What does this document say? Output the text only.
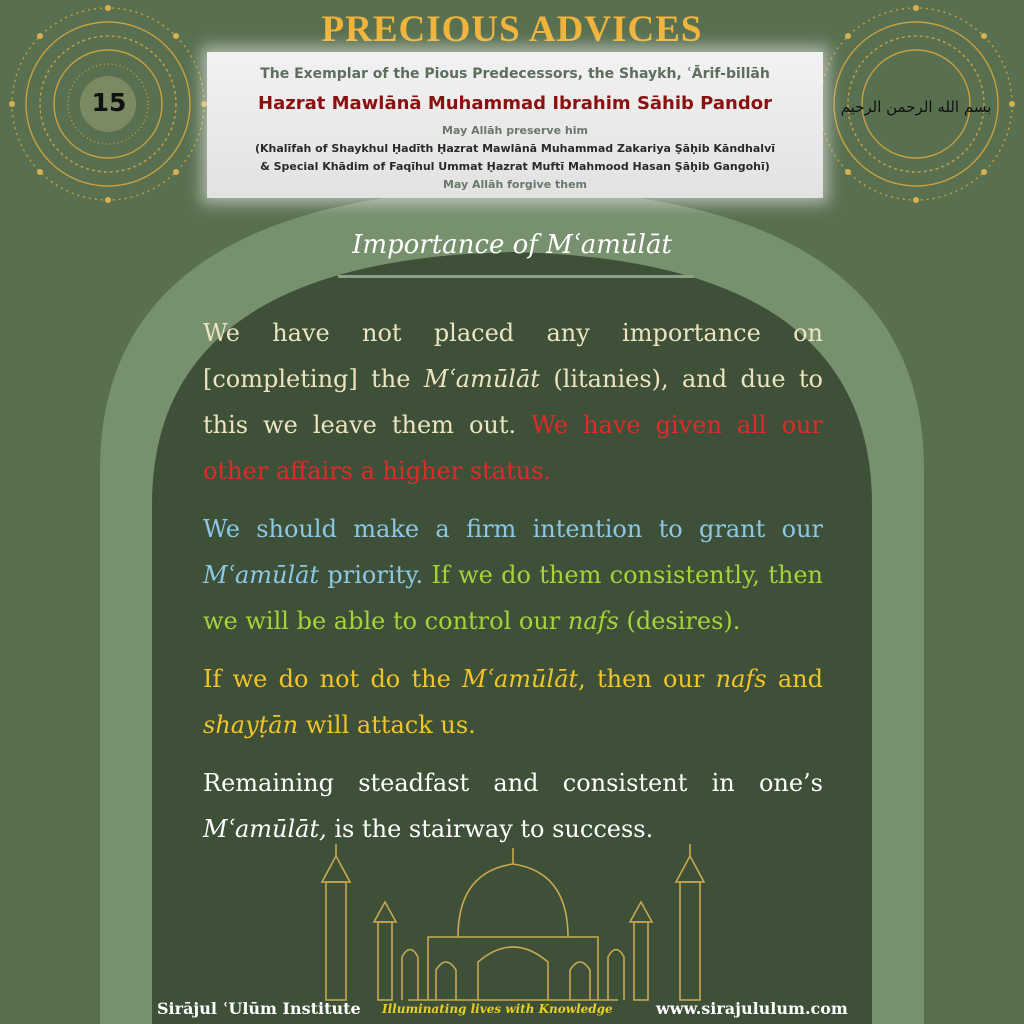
15	بسم الله الرحمن الرحيم
PRECIOUS ADVICES
The Exemplar of the Pious Predecessors, the Shaykh, ʿĀrif-billāh
Hazrat Mawlānā Muhammad Ibrahim Sāhib Pandor
May Allāh preserve him
(Khalīfah of Shaykhul Ḥadīth Ḥazrat Mawlānā Muhammad Zakariya Ṣāḥib Kāndhalvī
& Special Khādim of Faqīhul Ummat Ḥazrat Muftī Mahmood Hasan Ṣāḥib Gangohī)
May Allāh forgive them
Importance of Mʿamūlāt
We have not placed any importance on [completing] the Mʿamūlāt (litanies), and due to this we leave them out. We have given all our other affairs a higher status.
We should make a firm intention to grant our Mʿamūlāt priority. If we do them consistently, then we will be able to control our nafs (desires).
If we do not do the Mʿamūlāt, then our nafs and shayṭān will attack us.
Remaining steadfast and consistent in one’s Mʿamūlāt, is the stairway to success.
Sirājul ʿUlūm Institute Illuminating lives with Knowledge	www.sirajululum.com
